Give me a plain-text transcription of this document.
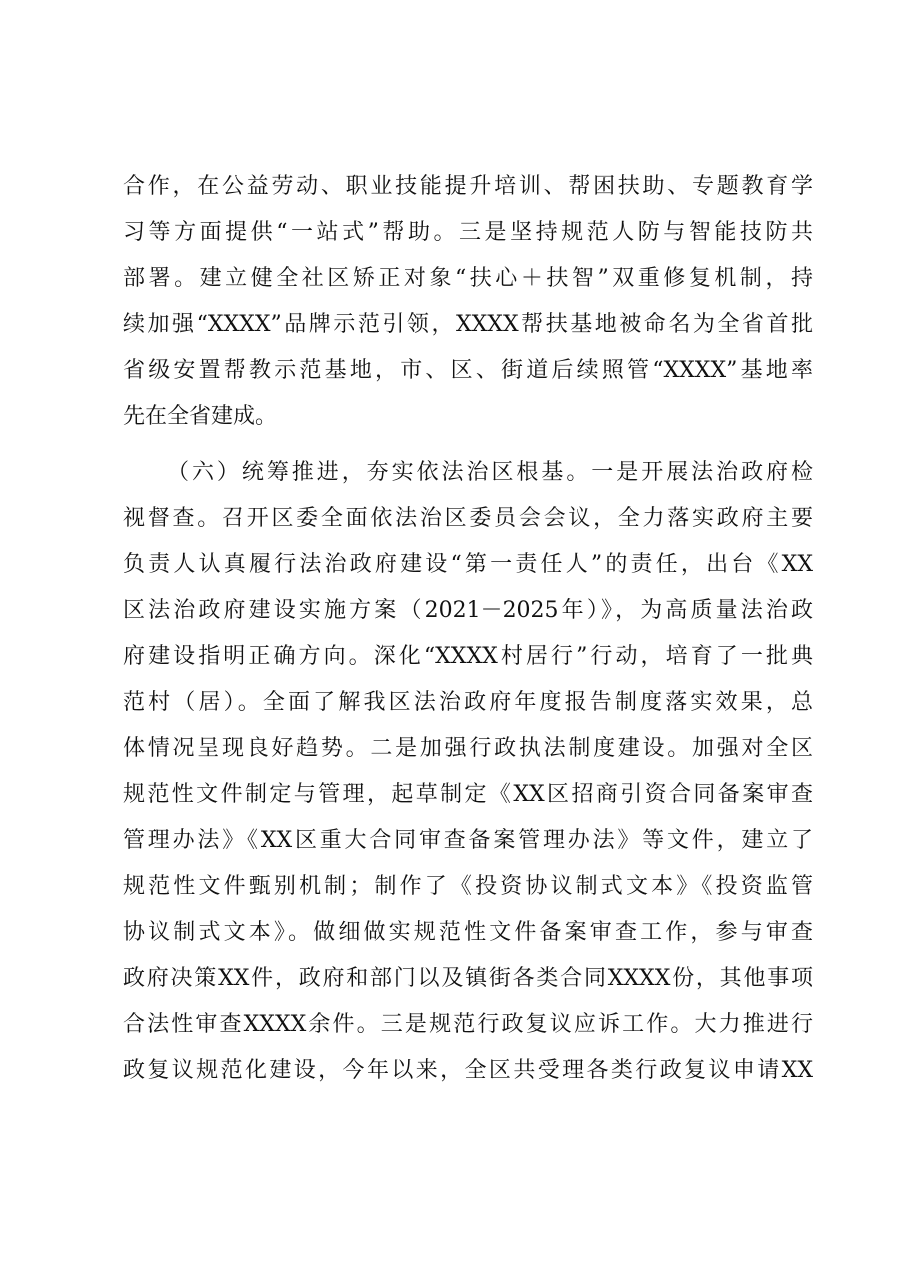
合作，在公益劳动、职业技能提升培训、帮困扶助、专题教育学
习等方面提供“一站式”帮助。三是坚持规范人防与智能技防共
部署。建立健全社区矫正对象“扶心＋扶智”双重修复机制，持
续加强“XXXX”品牌示范引领，XXXX帮扶基地被命名为全省首批
省级安置帮教示范基地，市、区、街道后续照管“XXXX”基地率
先在全省建成。
（六）统筹推进，夯实依法治区根基。一是开展法治政府检
视督查。召开区委全面依法治区委员会会议，全力落实政府主要
负责人认真履行法治政府建设“第一责任人”的责任，出台《XX
区法治政府建设实施方案（2021－2025年）》，为高质量法治政
府建设指明正确方向。深化“XXXX村居行”行动，培育了一批典
范村（居）。全面了解我区法治政府年度报告制度落实效果，总
体情况呈现良好趋势。二是加强行政执法制度建设。加强对全区
规范性文件制定与管理，起草制定《XX区招商引资合同备案审查
管理办法》《XX区重大合同审查备案管理办法》等文件，建立了
规范性文件甄别机制；制作了《投资协议制式文本》《投资监管
协议制式文本》。做细做实规范性文件备案审查工作，参与审查
政府决策XX件，政府和部门以及镇街各类合同XXXX份，其他事项
合法性审查XXXX余件。三是规范行政复议应诉工作。大力推进行
政复议规范化建设，今年以来，全区共受理各类行政复议申请XX
